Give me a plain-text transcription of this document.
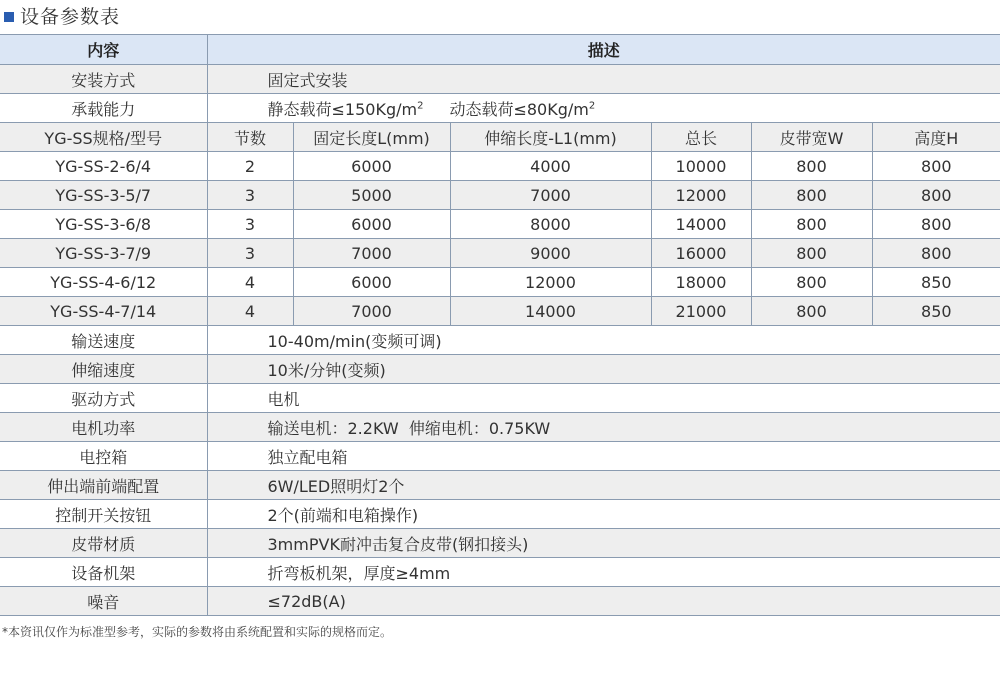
设备参数表
内容	描述					
安装方式	固定式安装					
承载能力	静态载荷$\le 150Kg/m^2$ 动态载荷$\le 80Kg/m^2$
YG-SS规格/型号	节数	固定长度L(mm)	伸缩长度-L1(mm)	总长	皮带宽W	高度H
YG-SS-2-6/4	2	6000	4000	10000	800	800
YG-SS-3-5/7	3	5000	7000	12000	800	800
YG-SS-3-6/8	3	6000	8000	14000	800	800
YG-SS-3-7/9	3	7000	9000	16000	800	800
YG-SS-4-6/12	4	6000	12000	18000	800	850
YG-SS-4-7/14	4	7000	14000	21000	800	850
输送速度	10-40m/min(变频可调)					
伸缩速度	10米/分钟(变频)					
驱动方式	电机					
电机功率	输送电机：2.2KW  伸缩电机：0.75KW					
电控箱	独立配电箱					
伸出端前端配置	6W/LED照明灯2个					
控制开关按钮	2个(前端和电箱操作)					
皮带材质	3mmPVK耐冲击复合皮带(钢扣接头)					
设备机架	折弯板机架，厚度≥4mm					
噪音	≤72dB(A)					
*本资讯仅作为标准型参考，实际的参数将由系统配置和实际的规格而定。
